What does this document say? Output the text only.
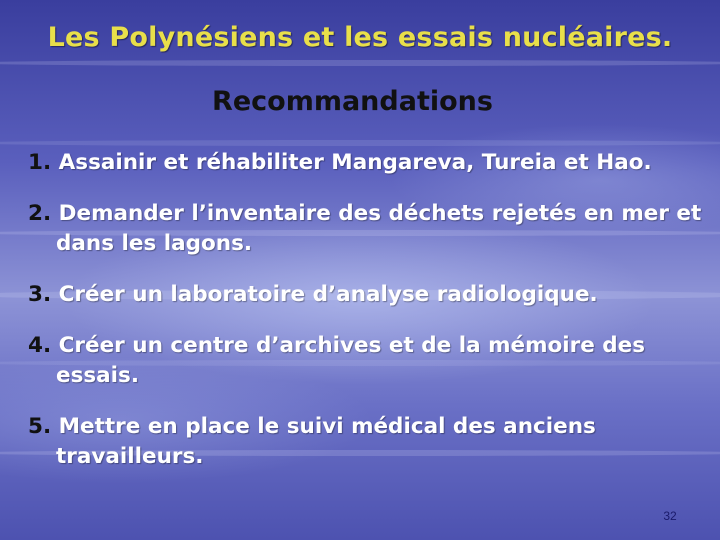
Les Polynésiens et les essais nucléaires.
Recommandations
1. Assainir et réhabiliter Mangareva, Tureia et Hao.
2. Demander l’inventaire des déchets rejetés en mer et dans les lagons.
3. Créer un laboratoire d’analyse radiologique.
4. Créer un centre d’archives et de la mémoire des essais.
5. Mettre en place le suivi médical des anciens travailleurs.
32
